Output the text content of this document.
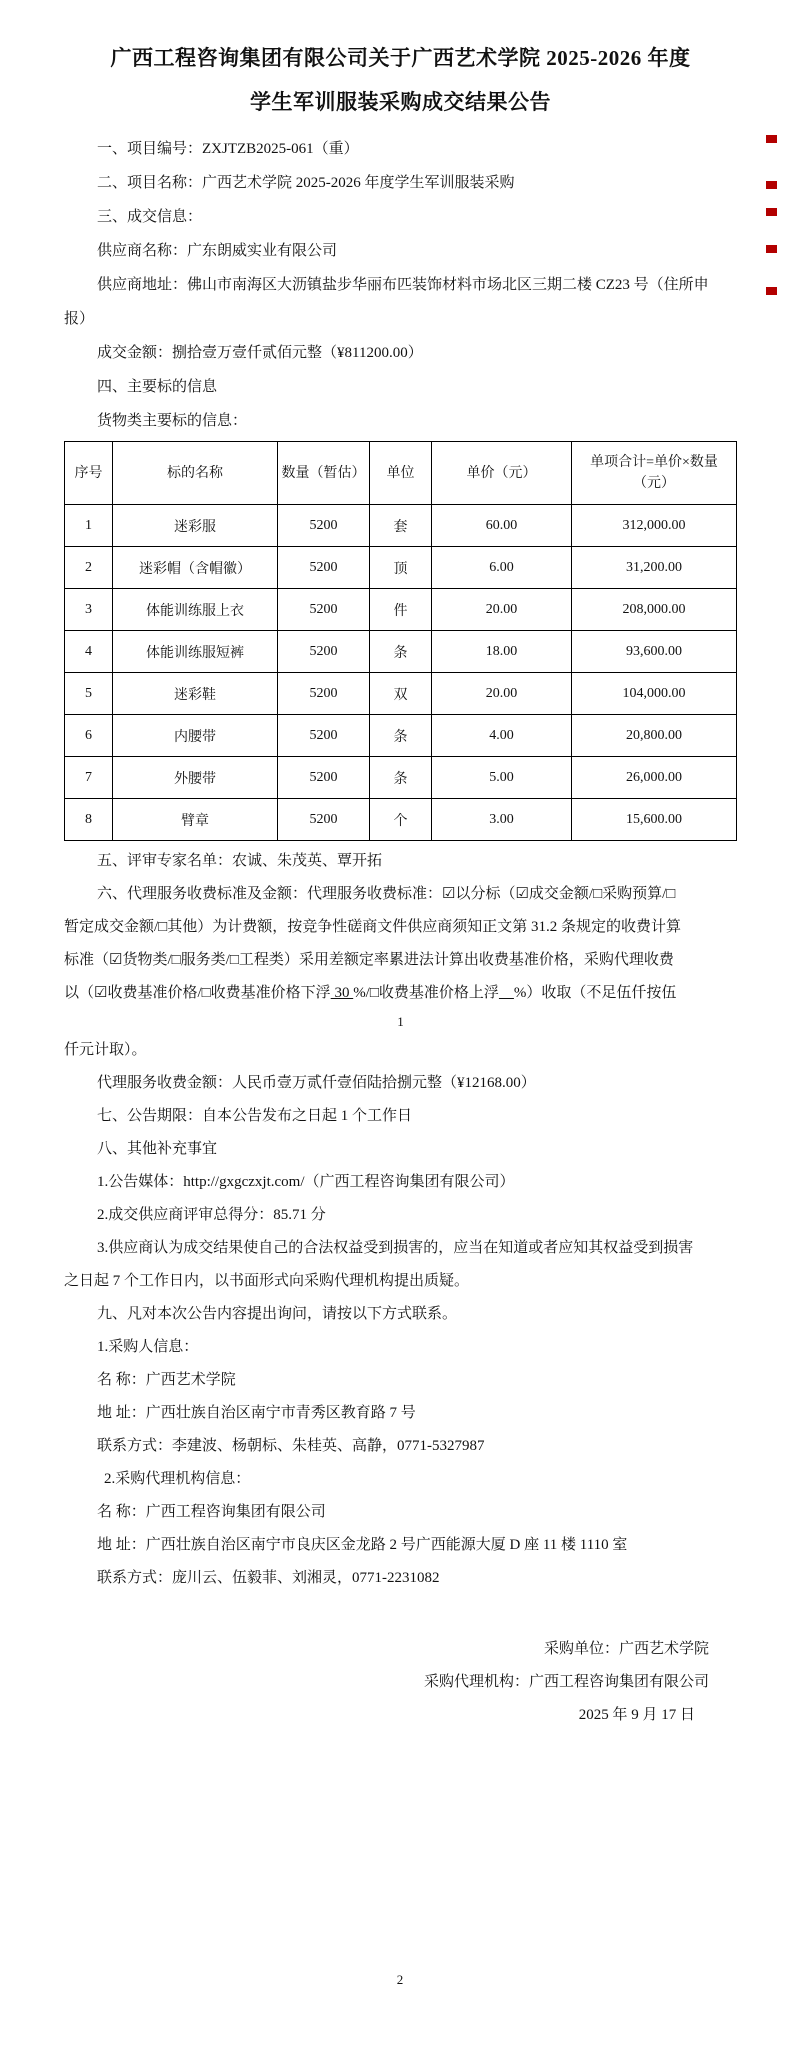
广西工程咨询集团有限公司关于广西艺术学院 2025-2026 年度
学生军训服装采购成交结果公告

一、项目编号：ZXJTZB2025-061（重）

二、项目名称：广西艺术学院 2025-2026 年度学生军训服装采购

三、成交信息：

供应商名称：广东朗威实业有限公司

供应商地址：佛山市南海区大沥镇盐步华丽布匹装饰材料市场北区三期二楼 CZ23 号（住所申

报）

成交金额：捌拾壹万壹仟贰佰元整（¥811200.00）

四、主要标的信息

货物类主要标的信息：

序号	标的名称	数量（暂估）	单位	单价（元）	单项合计=单价×数量
（元）

1	迷彩服	5200	套	60.00	312,000.00
2	迷彩帽（含帽徽）	5200	顶	6.00	31,200.00
3	体能训练服上衣	5200	件	20.00	208,000.00
4	体能训练服短裤	5200	条	18.00	93,600.00
5	迷彩鞋	5200	双	20.00	104,000.00
6	内腰带	5200	条	4.00	20,800.00
7	外腰带	5200	条	5.00	26,000.00
8	臂章	5200	个	3.00	15,600.00

五、评审专家名单：农诚、朱茂英、覃开拓

六、代理服务收费标准及金额：代理服务收费标准：☑以分标（☑成交金额/□采购预算/□

暂定成交金额/□其他）为计费额，按竞争性磋商文件供应商须知正文第 31.2 条规定的收费计算

标准（☑货物类/□服务类/□工程类）采用差额定率累进法计算出收费基准价格，采购代理收费

以（☑收费基准价格/□收费基准价格下浮 30 %/□收费基准价格上浮 %）收取（不足伍仟按伍

1

仟元计取）。

代理服务收费金额：人民币壹万贰仟壹佰陆拾捌元整（¥12168.00）

七、公告期限：自本公告发布之日起 1 个工作日

八、其他补充事宜

1.公告媒体：http://gxgczxjt.com/（广西工程咨询集团有限公司）

2.成交供应商评审总得分：85.71 分

3.供应商认为成交结果使自己的合法权益受到损害的，应当在知道或者应知其权益受到损害

之日起 7 个工作日内，以书面形式向采购代理机构提出质疑。

九、凡对本次公告内容提出询问，请按以下方式联系。

1.采购人信息：

名 称：广西艺术学院

地 址：广西壮族自治区南宁市青秀区教育路 7 号

联系方式：李建波、杨朝标、朱桂英、高静，0771-5327987

2.采购代理机构信息：

名 称：广西工程咨询集团有限公司

地 址：广西壮族自治区南宁市良庆区金龙路 2 号广西能源大厦 D 座 11 楼 1110 室

联系方式：庞川云、伍毅菲、刘湘灵，0771-2231082

采购单位：广西艺术学院
采购代理机构：广西工程咨询集团有限公司
2025 年 9 月 17 日
2
